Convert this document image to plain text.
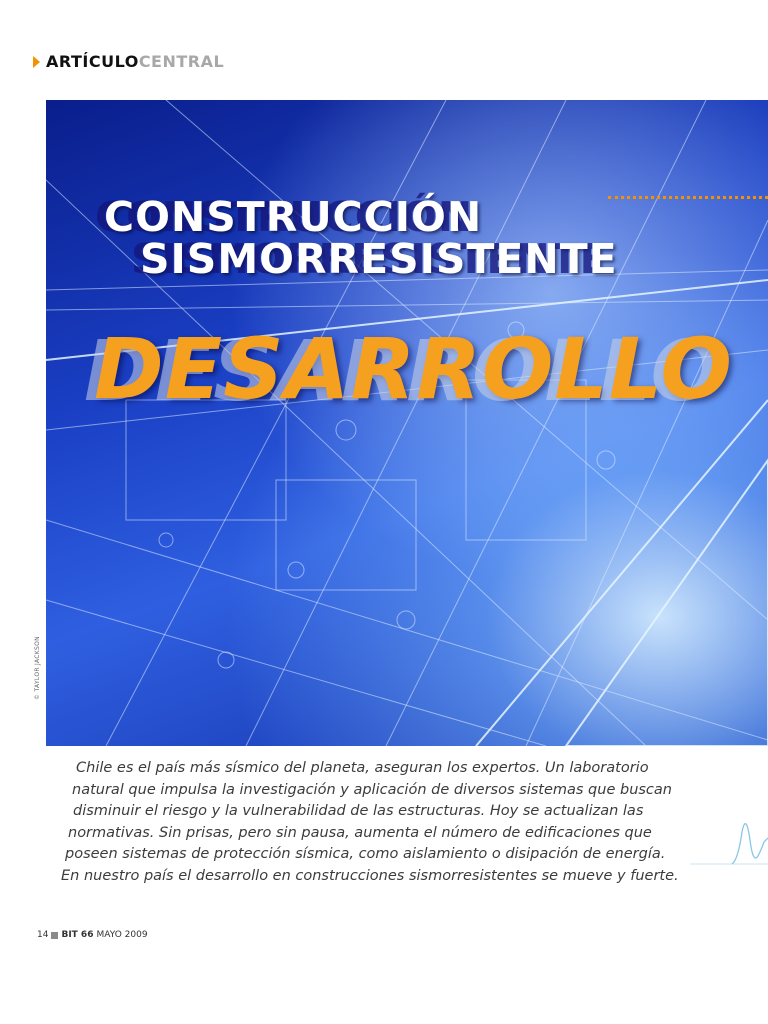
ARTÍCULO CENTRAL
CONSTRUCCIÓN
SISMORRESISTENTE
DESARROLLO
© TAYLOR JACKSON
Chile es el país más sísmico del planeta, aseguran los expertos. Un laboratorio
natural que impulsa la investigación y aplicación de diversos sistemas que buscan
disminuir el riesgo y la vulnerabilidad de las estructuras. Hoy se actualizan las
normativas. Sin prisas, pero sin pausa, aumenta el número de edificaciones que
poseen sistemas de protección sísmica, como aislamiento o disipación de energía.
En nuestro país el desarrollo en construcciones sismorresistentes se mueve y fuerte.
14 BIT 66 MAYO 2009
